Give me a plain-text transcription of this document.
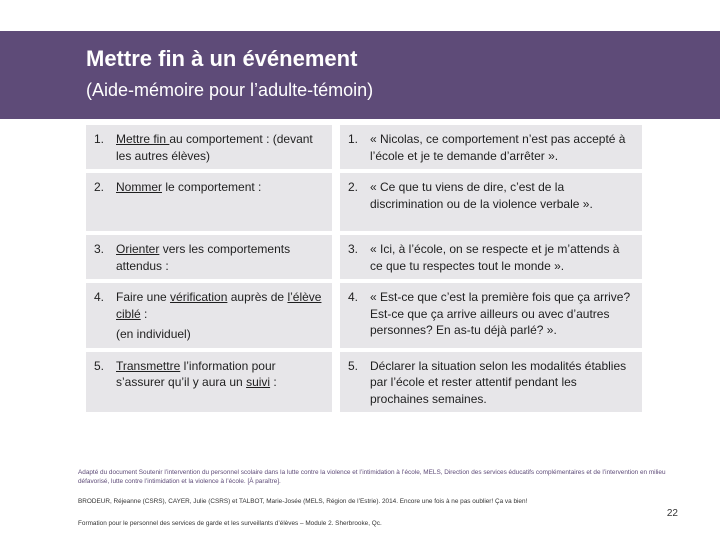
Mettre fin à un événement
(Aide-mémoire pour l’adulte-témoin)
1. Mettre fin au comportement : (devant les autres élèves)
1. « Nicolas, ce comportement n’est pas accepté à l’école et je te demande d’arrêter ».
2. Nommer le comportement :	2. « Ce que tu viens de dire, c’est de la discrimination ou de la violence verbale ».
3. Orienter vers les comportements attendus :
3. « Ici, à l’école, on se respecte et je m’attends à ce que tu respectes tout le monde ».
4. Faire une vérification auprès de l’élève ciblé :
(en individuel)
4. « Est-ce que c’est la première fois que ça arrive? Est-ce que ça arrive ailleurs ou avec d’autres personnes? En as-tu déjà parlé? ».
5. Transmettre l’information pour s’assurer qu’il y aura un suivi :
5. Déclarer la situation selon les modalités établies par l’école et rester attentif pendant les prochaines semaines.
Adapté du document Soutenir l’intervention du personnel scolaire dans la lutte contre la violence et l’intimidation à l’école, MELS, Direction des services éducatifs complémentaires et de l’intervention en milieu défavorisé, lutte contre l’intimidation et la violence à l’école. [À paraître].
BRODEUR, Réjeanne (CSRS), CAYER, Julie (CSRS) et TALBOT, Marie-Josée (MELS, Région de l’Estrie). 2014. Encore une fois à ne pas oublier! Ça va bien!
Formation pour le personnel des services de garde et les surveillants d’élèves – Module 2. Sherbrooke, Qc.
22
